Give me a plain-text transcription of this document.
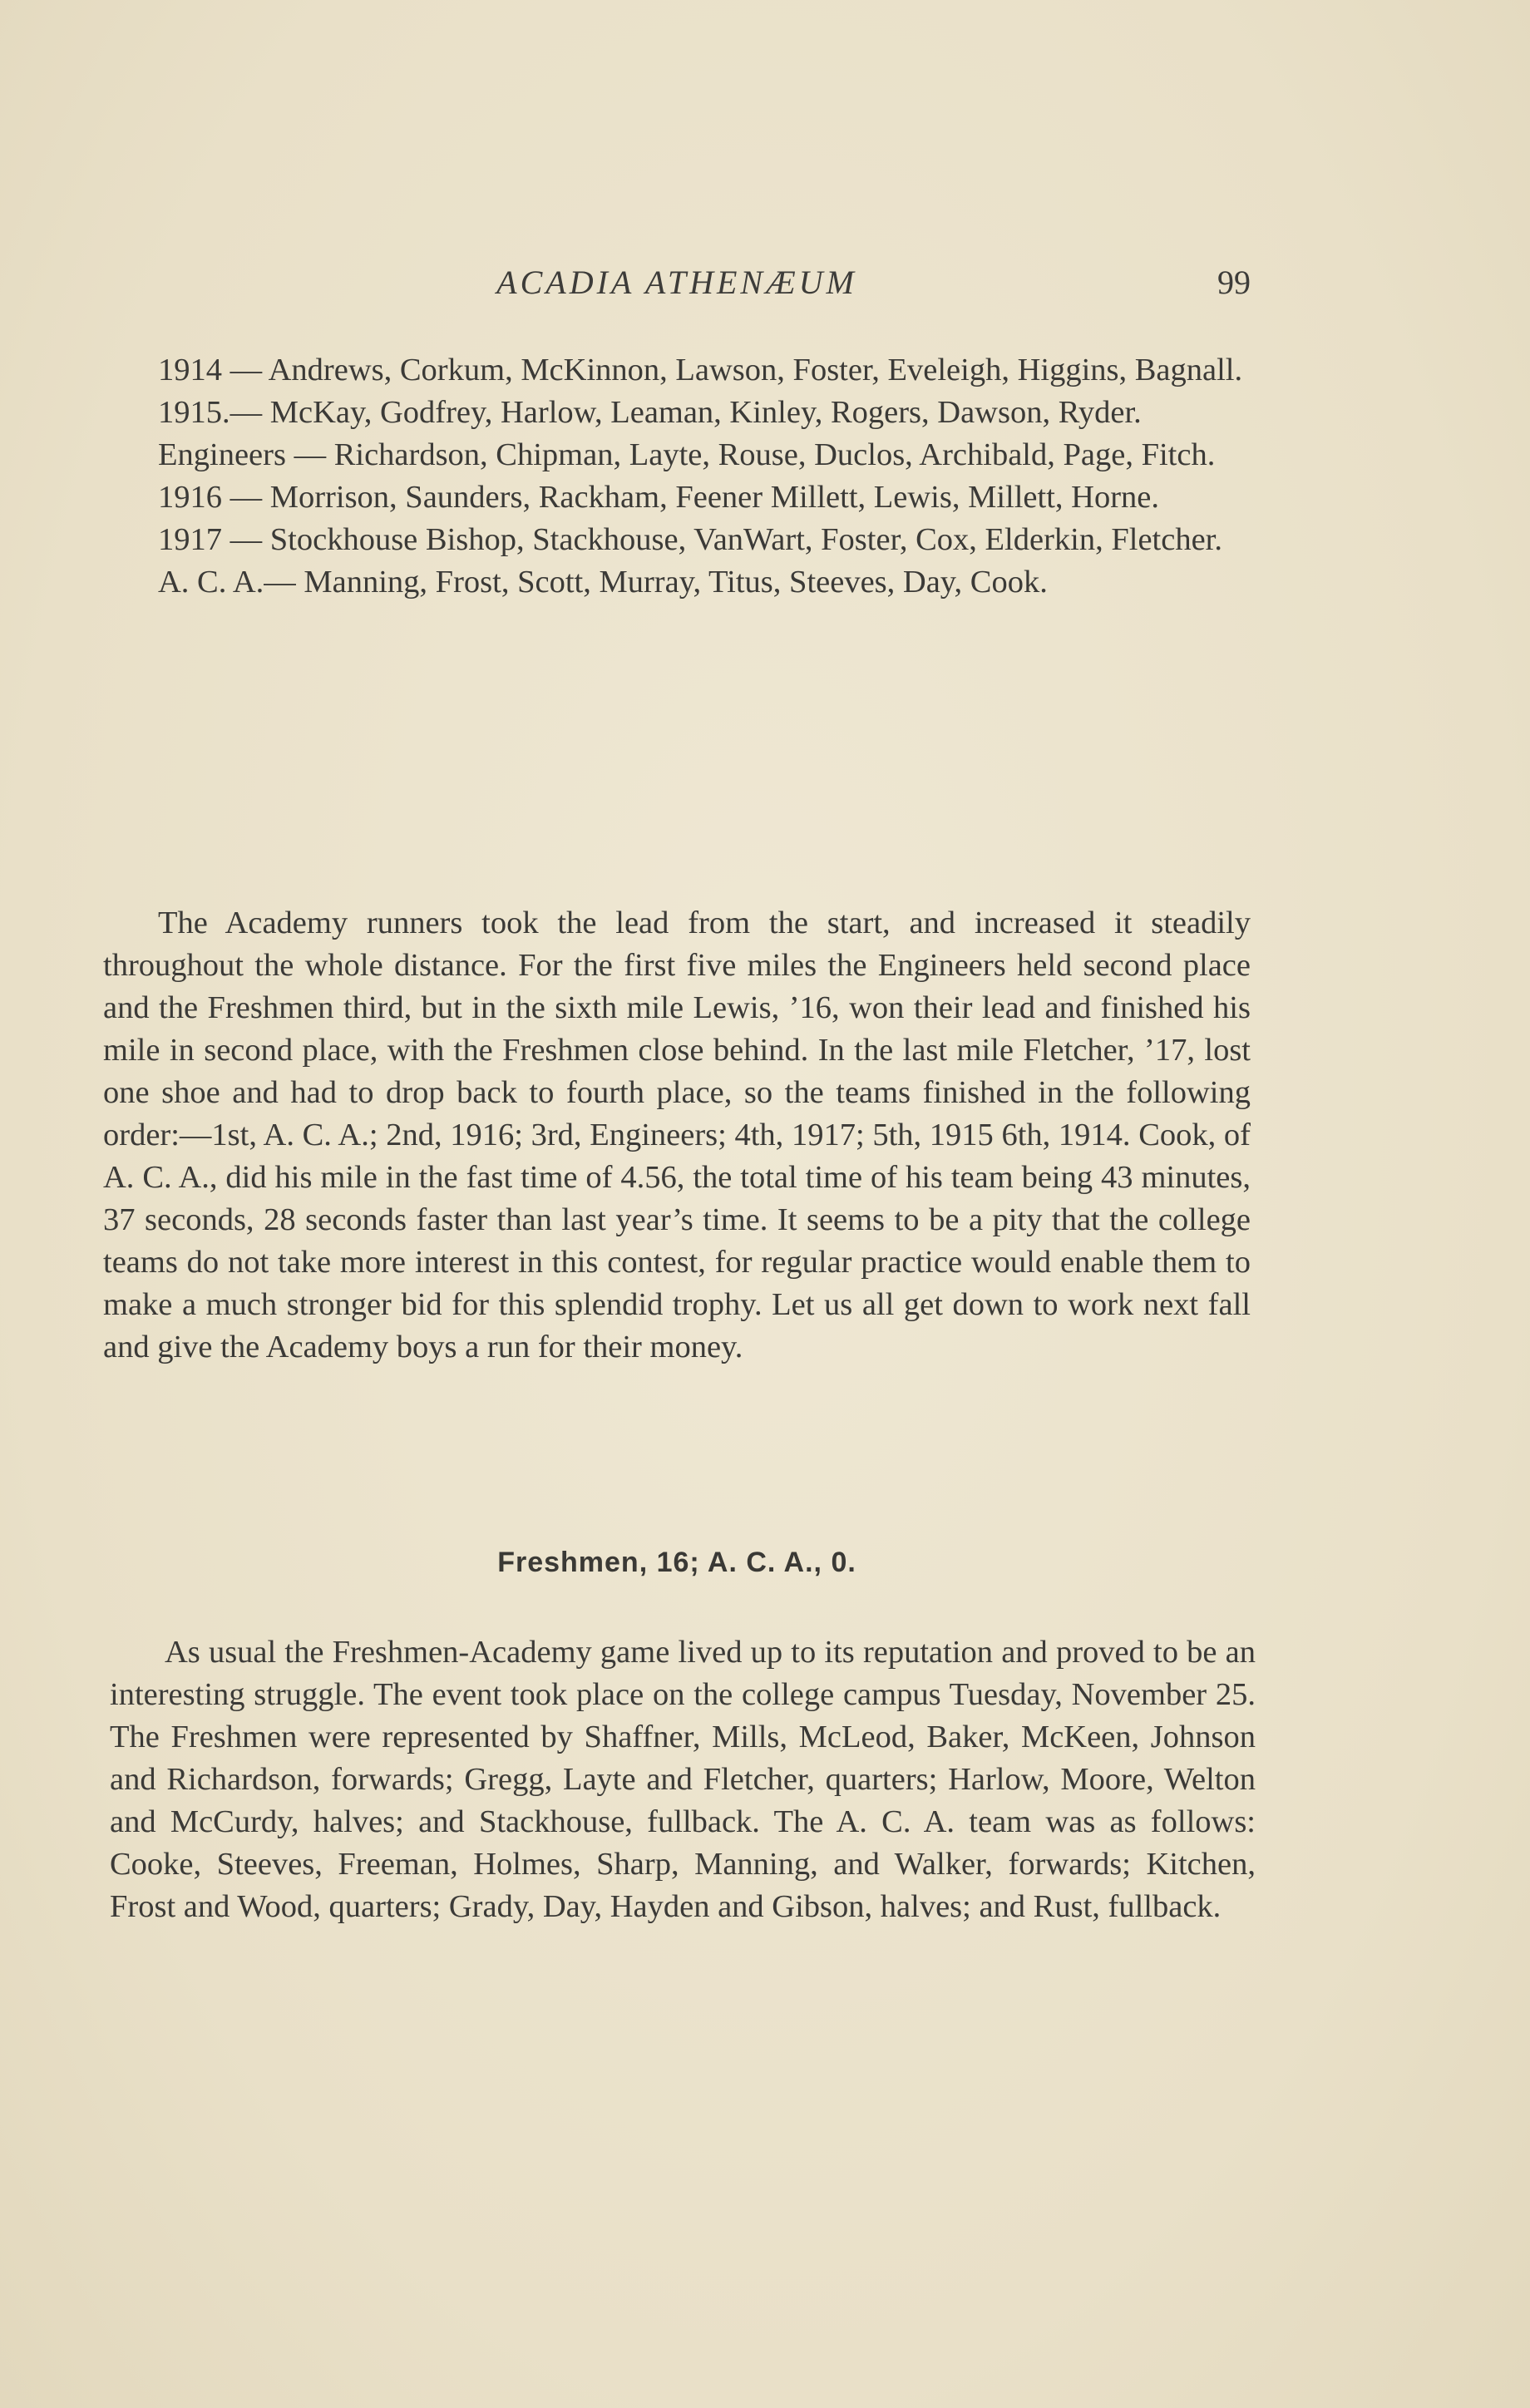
ACADIA ATHENÆUM	99

1914 — Andrews, Corkum, McKinnon, Lawson, Foster, Eveleigh, Higgins, Bagnall.

1915.— McKay, Godfrey, Harlow, Leaman, Kinley, Rogers, Dawson, Ryder.

Engineers — Richardson, Chipman, Layte, Rouse, Duclos, Archibald, Page, Fitch.

1916 — Morrison, Saunders, Rackham, Feener Millett, Lewis, Millett, Horne.

1917 — Stockhouse Bishop, Stackhouse, VanWart, Foster, Cox, Elderkin, Fletcher.

A. C. A.— Manning, Frost, Scott, Murray, Titus, Steeves, Day, Cook.

The Academy runners took the lead from the start, and increased it steadily throughout the whole distance. For the first five miles the Engineers held second place and the Freshmen third, but in the sixth mile Lewis, ’16, won their lead and finished his mile in second place, with the Freshmen close behind. In the last mile Fletcher, ’17, lost one shoe and had to drop back to fourth place, so the teams finished in the following order:—1st, A. C. A.; 2nd, 1916; 3rd, Engineers; 4th, 1917; 5th, 1915 6th, 1914. Cook, of A. C. A., did his mile in the fast time of 4.56, the total time of his team being 43 minutes, 37 seconds, 28 seconds faster than last year’s time. It seems to be a pity that the college teams do not take more interest in this contest, for regular practice would enable them to make a much stronger bid for this splendid trophy. Let us all get down to work next fall and give the Academy boys a run for their money.

Freshmen, 16; A. C. A., 0.

As usual the Freshmen-Academy game lived up to its reputation and proved to be an interesting struggle. The event took place on the college campus Tuesday, November 25. The Freshmen were represented by Shaffner, Mills, McLeod, Baker, McKeen, Johnson and Richardson, forwards; Gregg, Layte and Fletcher, quarters; Harlow, Moore, Welton and McCurdy, halves; and Stackhouse, fullback. The A. C. A. team was as follows: Cooke, Steeves, Freeman, Holmes, Sharp, Manning, and Walker, forwards; Kitchen, Frost and Wood, quarters; Grady, Day, Hayden and Gibson, halves; and Rust, fullback.
